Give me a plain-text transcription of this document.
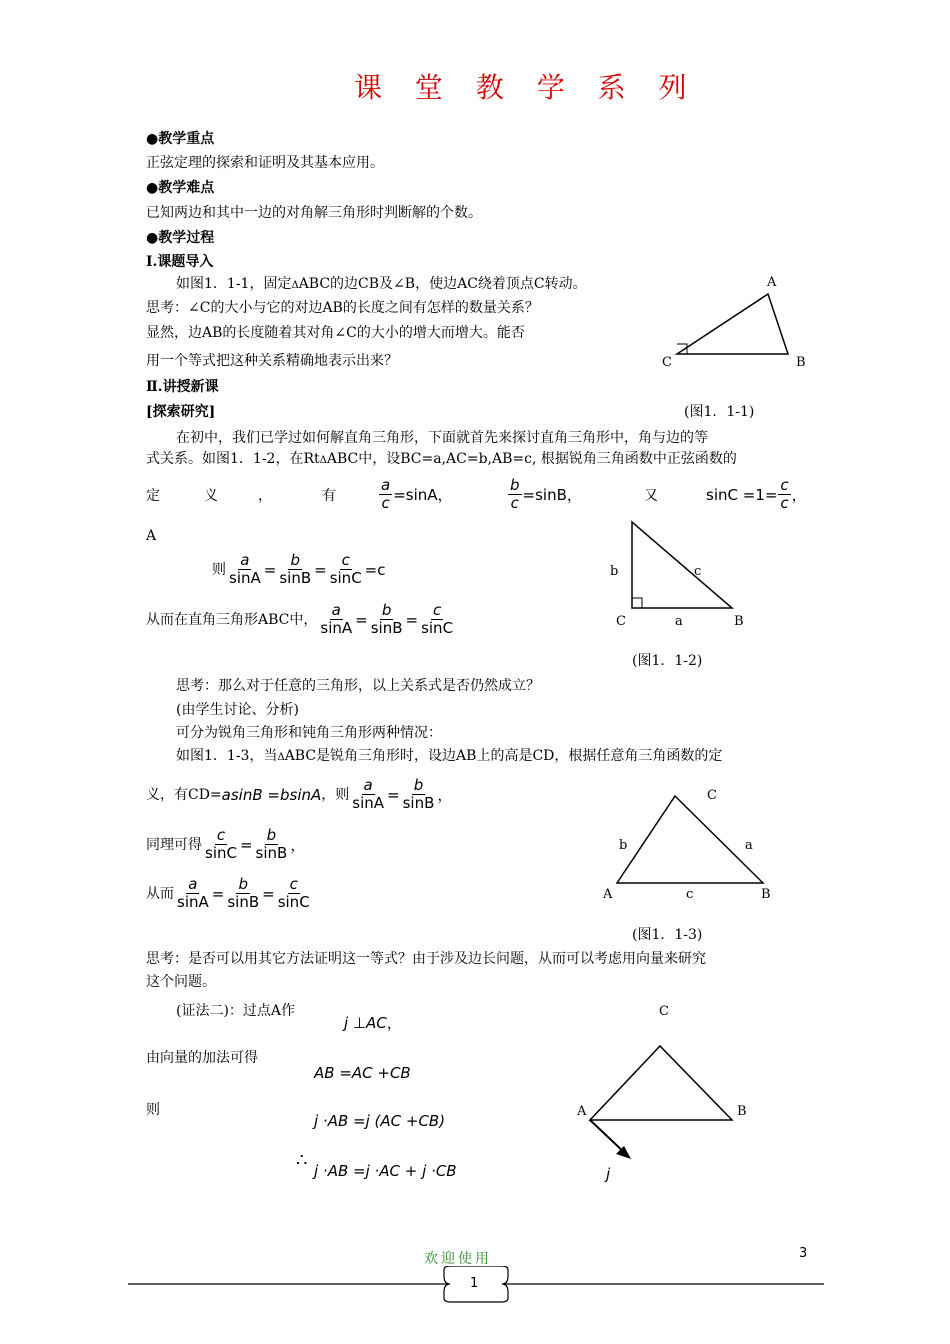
课 堂 教 学 系 列
●教学重点
正弦定理的探索和证明及其基本应用。
●教学难点
已知两边和其中一边的对角解三角形时判断解的个数。
●教学过程
Ⅰ.课题导入
如图1．1-1，固定ΔABC的边CB及∠B，使边AC绕着顶点C转动。
思考：∠C的大小与它的对边AB的长度之间有怎样的数量关系？
显然，边AB的长度随着其对角∠C的大小的增大而增大。能否
用一个等式把这种关系精确地表示出来？
Ⅱ.讲授新课
[探索研究]	(图1．1-1)
A
C	B
在初中，我们已学过如何解直角三角形，下面就首先来探讨直角三角形中，角与边的等
式关系。如图1．1-2，在RtΔABC中，设BC=a,AC=b,AB=c, 根据锐角三角函数中正弦函数的
定	义	，	有	$\frac{a}{c} =\sin A$ ，	$\frac{b}{c} =\sin B$ ，	又	$\sin C =1= \frac{c}{c}$ ，
A
则 $\frac{a}{\sin A} = \frac{b}{\sin B} = \frac{c}{\sin C} =c$
从而在直角三角形ABC中， $\frac{a}{\sin A} = \frac{b}{\sin B} = \frac{c}{\sin C}$
b	c
C	a	B
(图1．1-2)
思考：那么对于任意的三角形，以上关系式是否仍然成立？
(由学生讨论、分析)
可分为锐角三角形和钝角三角形两种情况：
如图1．1-3，当ΔABC是锐角三角形时，设边AB上的高是CD，根据任意角三角函数的定
义，有CD= asinB =bsinA ，则 $\frac{a}{\sin A} = \frac{b}{\sin B}$ ，
同理可得 $\frac{c}{\sin C} = \frac{b}{\sin B}$ ，
从而 $\frac{a}{\sin A} = \frac{b}{\sin B} = \frac{c}{\sin C}$
C
b	a
A	c	B
(图1．1-3)
思考：是否可以用其它方法证明这一等式？由于涉及边长问题，从而可以考虑用向量来研究
这个问题。
(证法二)：过点A作
j ⊥AC，
由向量的加法可得
AB =AC +CB
则
j ·AB =j (AC +CB)
∴ j ·AB =j ·AC + j ·CB
C
A	B
j
3
欢迎使用
1
